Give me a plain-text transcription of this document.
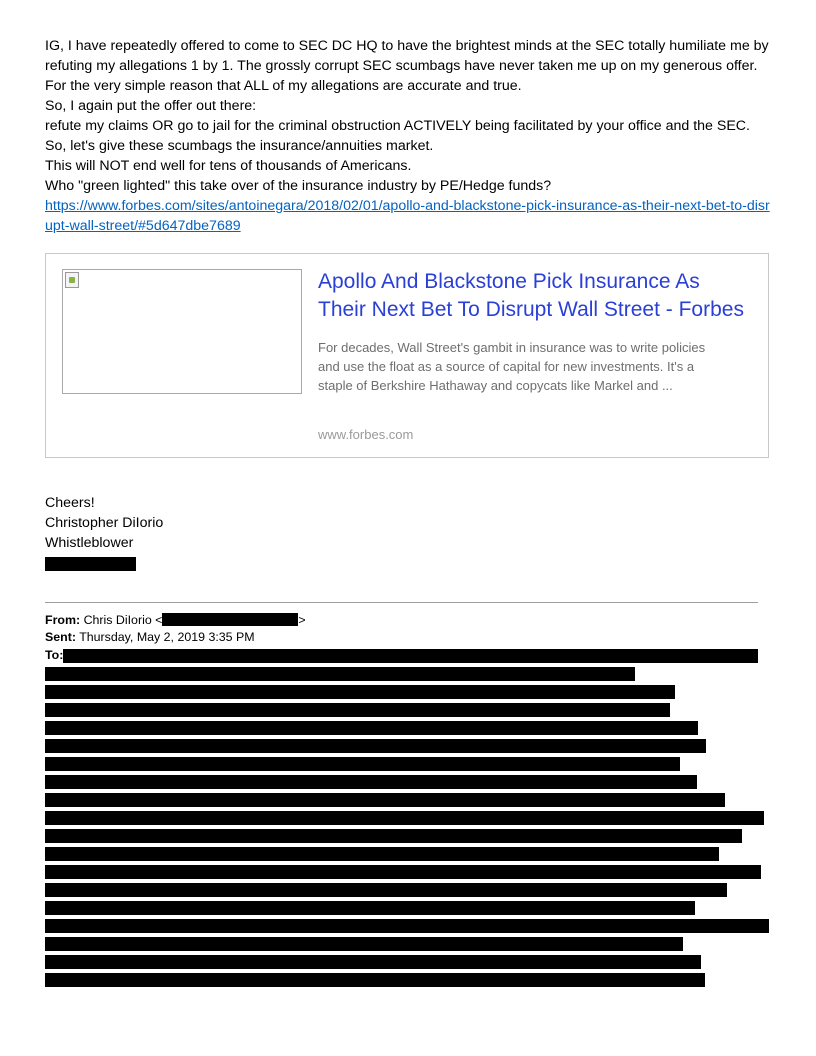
IG, I have repeatedly offered to come to SEC DC HQ to have the brightest minds at the SEC totally humiliate me by refuting my allegations 1 by 1. The grossly corrupt SEC scumbags have never taken me up on my generous offer. For the very simple reason that ALL of my allegations are accurate and true.

So, I again put the offer out there:

refute my claims OR go to jail for the criminal obstruction ACTIVELY being facilitated by your office and the SEC.

So, let's give these scumbags the insurance/annuities market.

This will NOT end well for tens of thousands of Americans.

Who "green lighted" this take over of the insurance industry by PE/Hedge funds?

https://www.forbes.com/sites/antoinegara/2018/02/01/apollo-and-blackstone-pick-insurance-as-their-next-bet-to-disrupt-wall-street/#5d647dbe7689

Apollo And Blackstone Pick Insurance As Their Next Bet To Disrupt Wall Street - Forbes
For decades, Wall Street's gambit in insurance was to write policies and use the float as a source of capital for new investments. It's a staple of Berkshire Hathaway and copycats like Markel and ...
www.forbes.com

Cheers!

Christopher DiIorio

Whistleblower

From: Chris DiIorio <	>
Sent: Thursday, May 2, 2019 3:35 PM
To:
